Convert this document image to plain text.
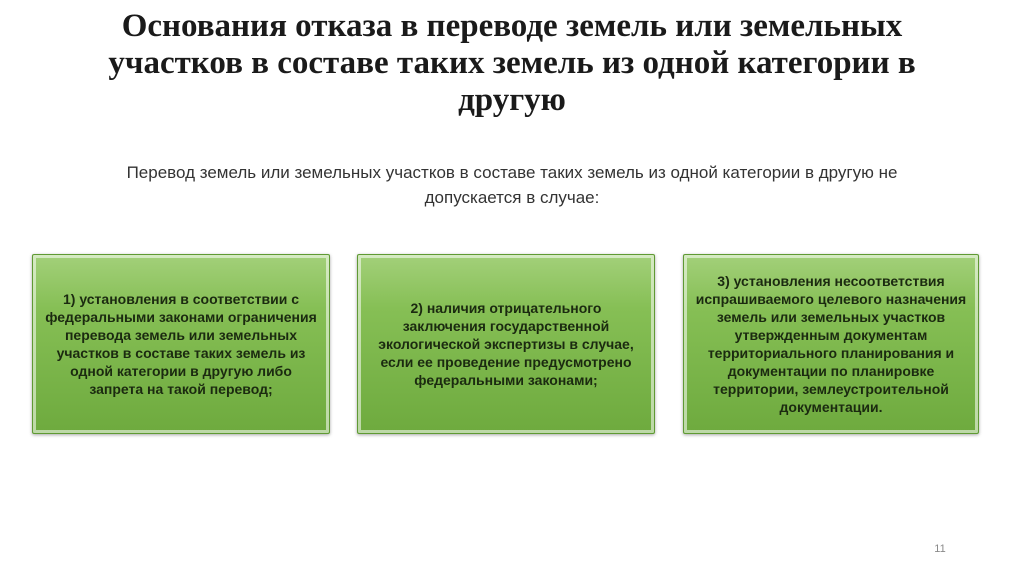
Основания отказа в переводе земель или земельных участков в составе таких земель из одной категории в другую

Перевод земель или земельных участков в составе таких земель из одной категории в другую не допускается в случае:

1) установления в соответствии с федеральными законами ограничения перевода земель или земельных участков в составе таких земель из одной категории в другую либо запрета на такой перевод;
2) наличия отрицательного заключения государственной экологической экспертизы в случае, если ее проведение предусмотрено федеральными законами;
3) установления несоответствия испрашиваемого целевого назначения земель или земельных участков утвержденным документам территориального планирования и документации по планировке территории, землеустроительной документации.
11
